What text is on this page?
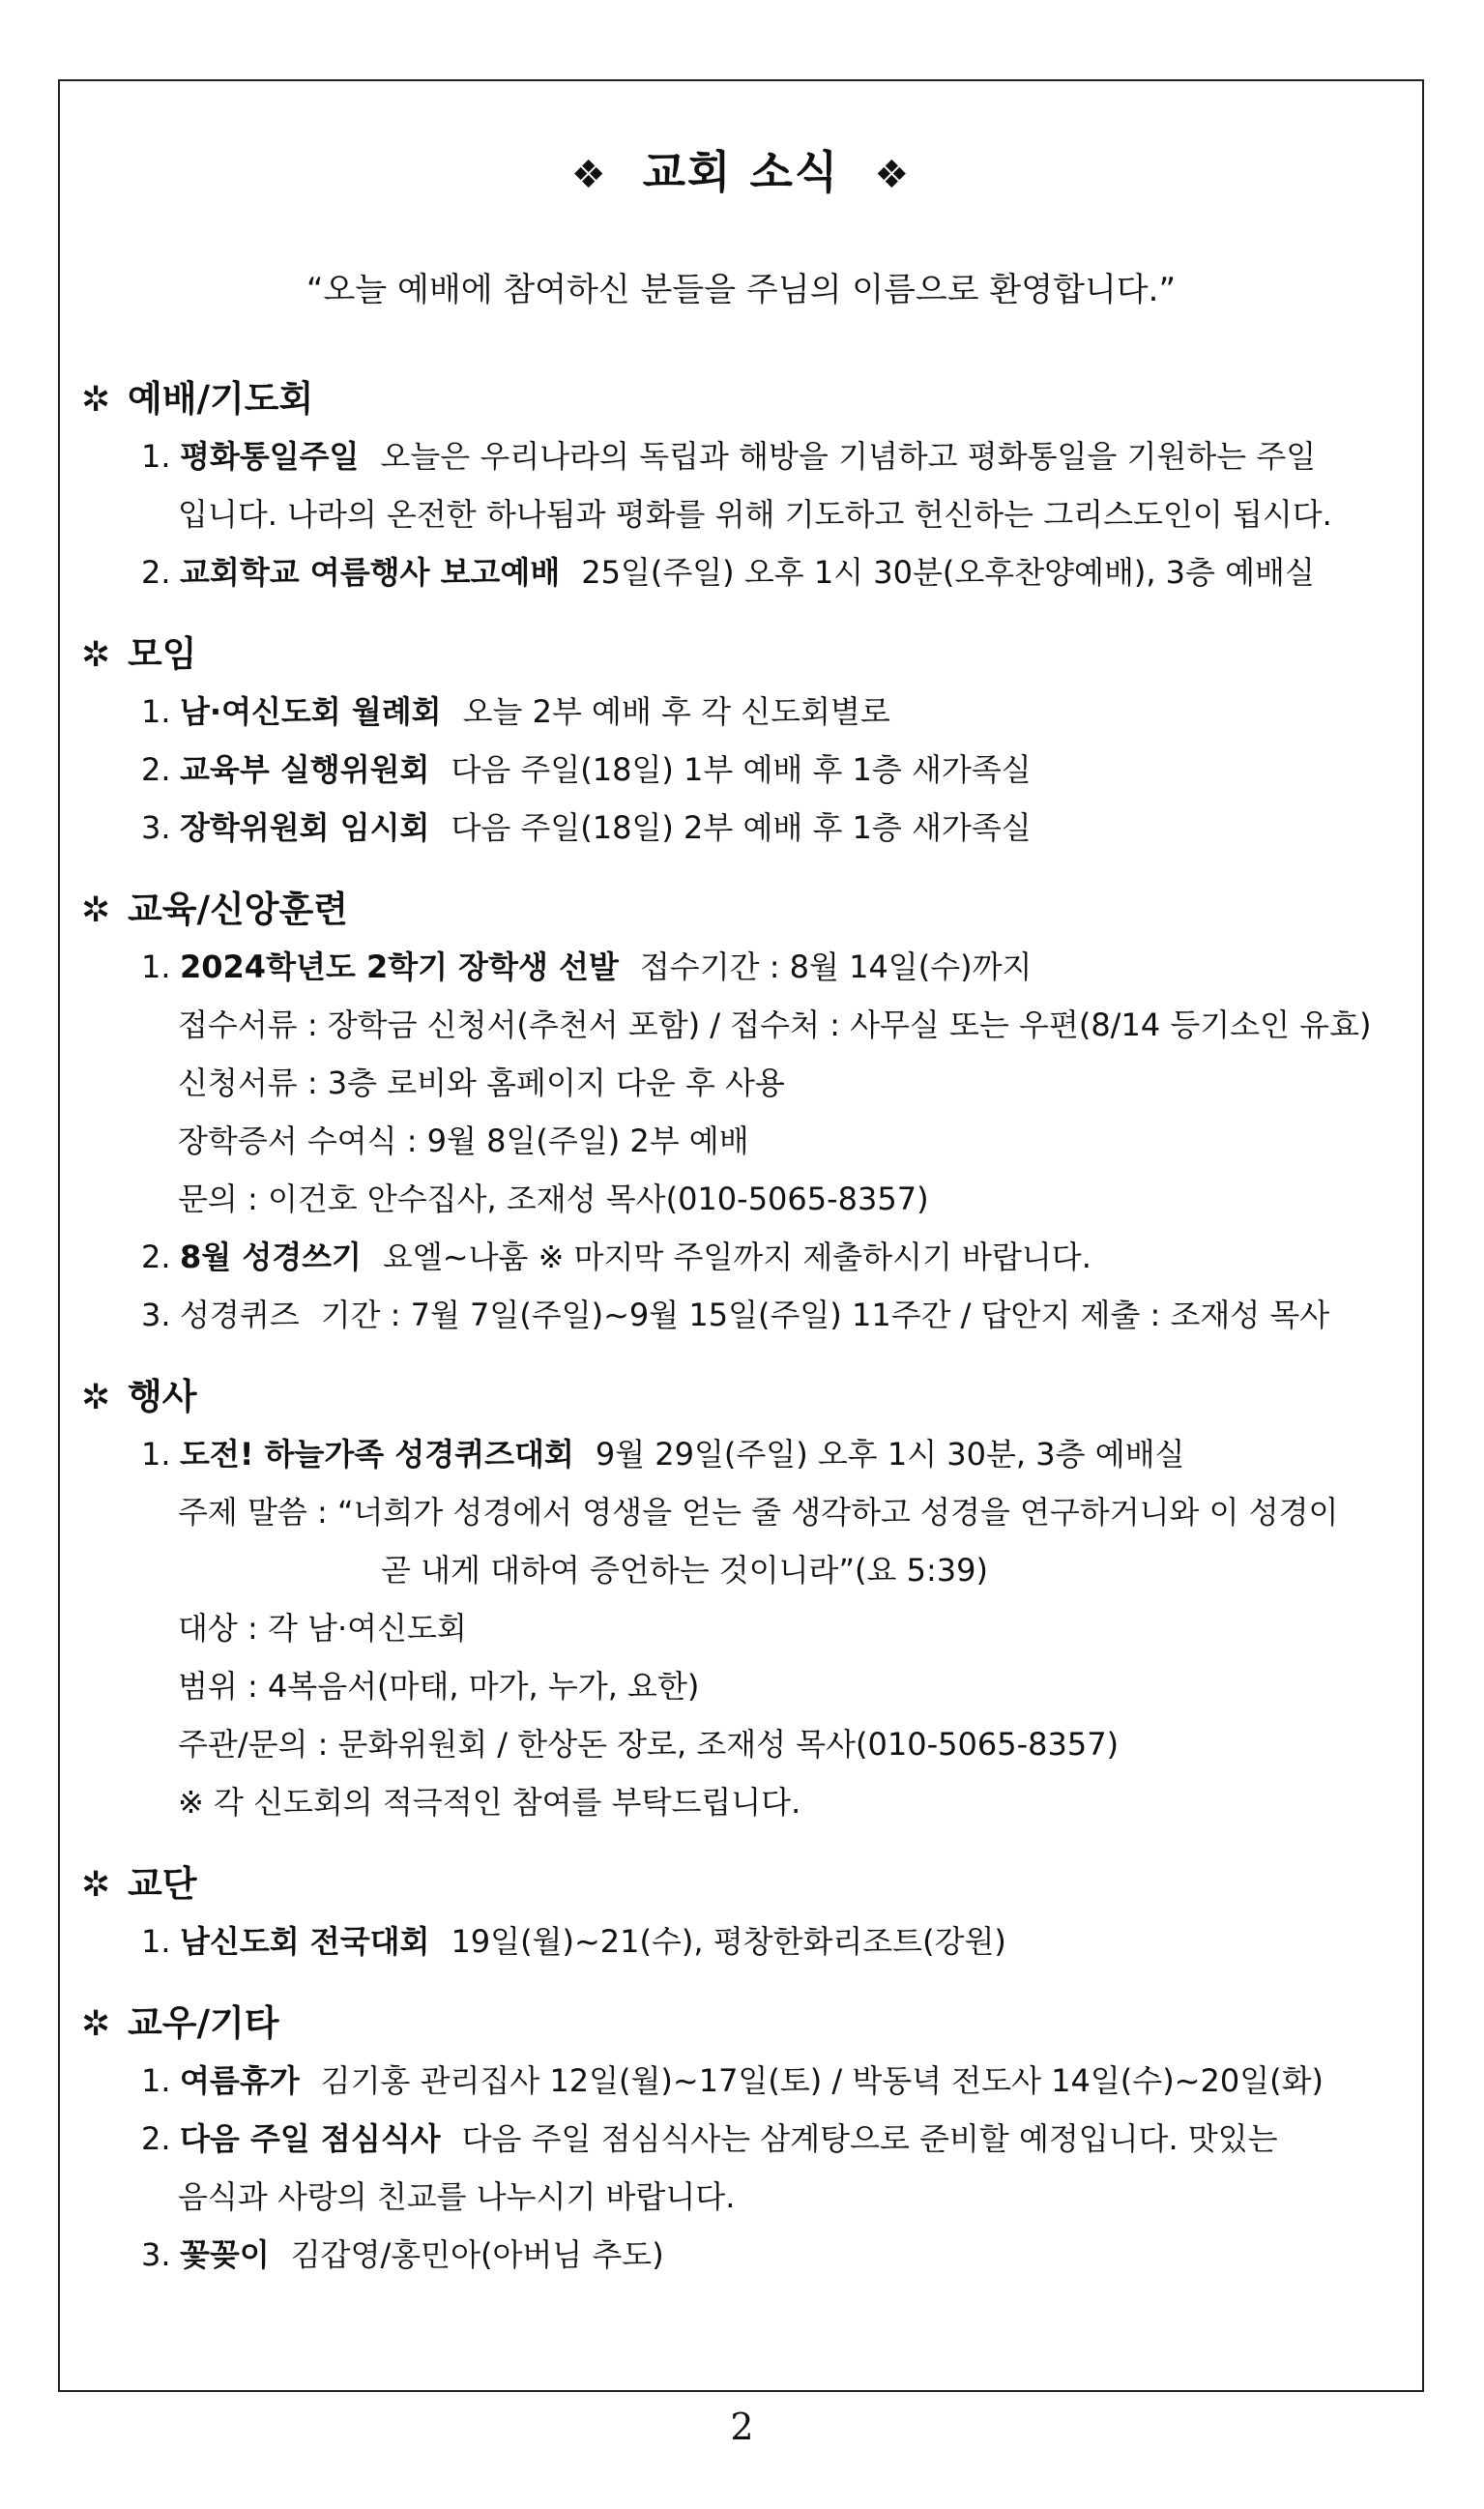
❖ 교회 소식 ❖
“오늘 예배에 참여하신 분들을 주님의 이름으로 환영합니다.”
✲ 예배/기도회
1. 평화통일주일 오늘은 우리나라의 독립과 해방을 기념하고 평화통일을 기원하는 주일
입니다. 나라의 온전한 하나됨과 평화를 위해 기도하고 헌신하는 그리스도인이 됩시다.
2. 교회학교 여름행사 보고예배 25일(주일) 오후 1시 30분(오후찬양예배), 3층 예배실
✲ 모임
1. 남·여신도회 월례회 오늘 2부 예배 후 각 신도회별로
2. 교육부 실행위원회 다음 주일(18일) 1부 예배 후 1층 새가족실
3. 장학위원회 임시회 다음 주일(18일) 2부 예배 후 1층 새가족실
✲ 교육/신앙훈련
1. 2024학년도 2학기 장학생 선발 접수기간 : 8월 14일(수)까지
접수서류 : 장학금 신청서(추천서 포함) / 접수처 : 사무실 또는 우편(8/14 등기소인 유효)
신청서류 : 3층 로비와 홈페이지 다운 후 사용
장학증서 수여식 : 9월 8일(주일) 2부 예배
문의 : 이건호 안수집사, 조재성 목사(010-5065-8357)
2. 8월 성경쓰기 요엘~나훔 ※ 마지막 주일까지 제출하시기 바랍니다.
3. 성경퀴즈 기간 : 7월 7일(주일)~9월 15일(주일) 11주간 / 답안지 제출 : 조재성 목사
✲ 행사
1. 도전! 하늘가족 성경퀴즈대회 9월 29일(주일) 오후 1시 30분, 3층 예배실
주제 말씀 : “너희가 성경에서 영생을 얻는 줄 생각하고 성경을 연구하거니와 이 성경이
곧 내게 대하여 증언하는 것이니라”(요 5:39)
대상 : 각 남·여신도회
범위 : 4복음서(마태, 마가, 누가, 요한)
주관/문의 : 문화위원회 / 한상돈 장로, 조재성 목사(010-5065-8357)
※ 각 신도회의 적극적인 참여를 부탁드립니다.
✲ 교단
1. 남신도회 전국대회 19일(월)~21(수), 평창한화리조트(강원)
✲ 교우/기타
1. 여름휴가 김기홍 관리집사 12일(월)~17일(토) / 박동녁 전도사 14일(수)~20일(화)
2. 다음 주일 점심식사 다음 주일 점심식사는 삼계탕으로 준비할 예정입니다. 맛있는
음식과 사랑의 친교를 나누시기 바랍니다.
3. 꽃꽂이 김갑영/홍민아(아버님 추도)
2
